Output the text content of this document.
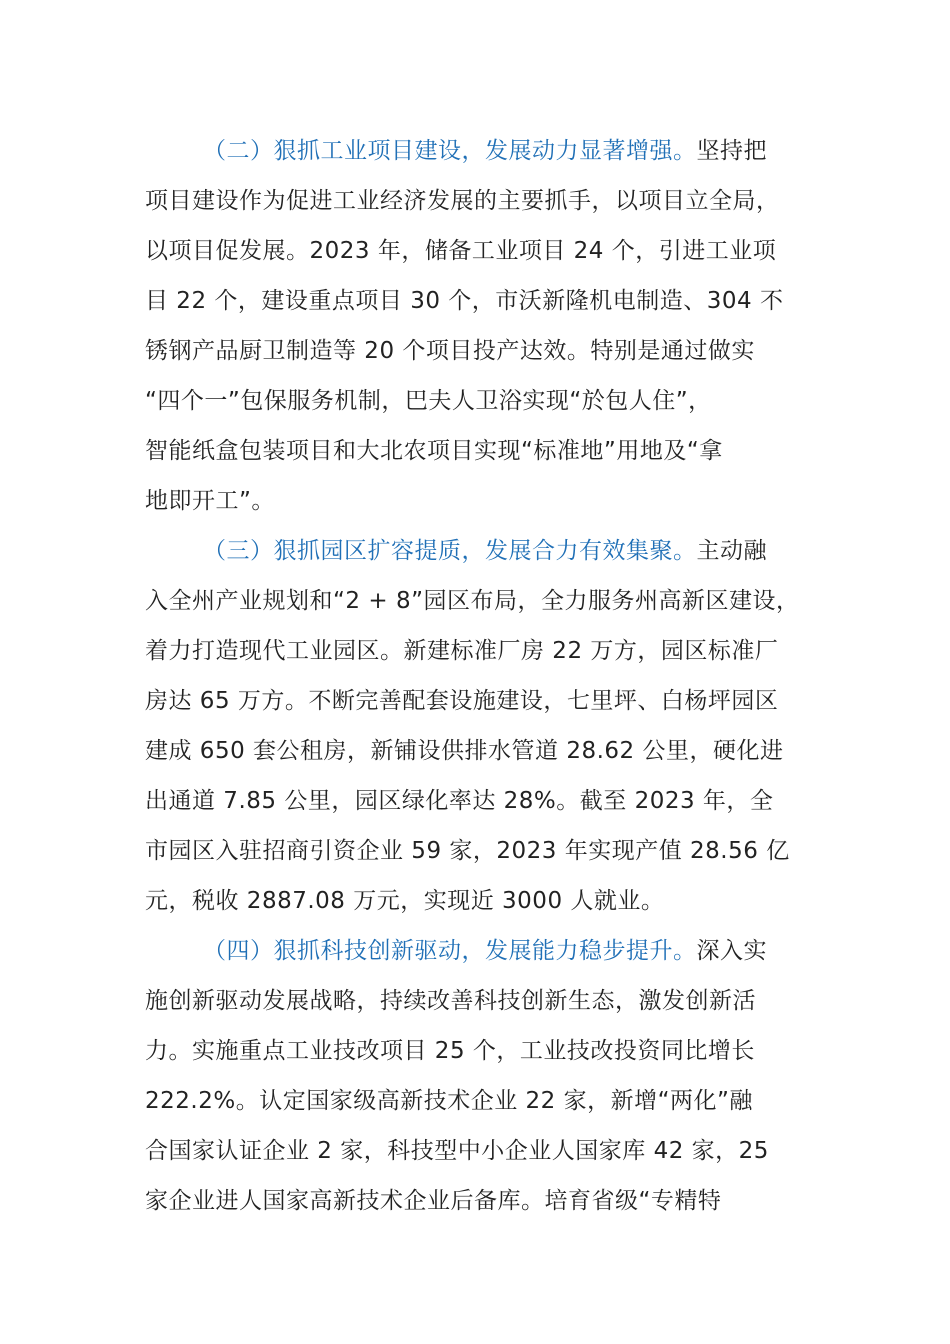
（二）狠抓工业项目建设，发展动力显著增强。坚持把
项目建设作为促进工业经济发展的主要抓手，以项目立全局，
以项目促发展。2023 年，储备工业项目 24 个，引进工业项
目 22 个，建设重点项目 30 个，市沃新隆机电制造、304 不
锈钢产品厨卫制造等 20 个项目投产达效。特别是通过做实
“四个一”包保服务机制，巴夫人卫浴实现“於包人住”，
智能纸盒包装项目和大北农项目实现“标准地”用地及“拿
地即开工”。
（三）狠抓园区扩容提质，发展合力有效集聚。主动融
入全州产业规划和“2 + 8”园区布局，全力服务州高新区建设，
着力打造现代工业园区。新建标准厂房 22 万方，园区标准厂
房达 65 万方。不断完善配套设施建设，七里坪、白杨坪园区
建成 650 套公租房，新铺设供排水管道 28.62 公里，硬化进
出通道 7.85 公里，园区绿化率达 28%。截至 2023 年，全
市园区入驻招商引资企业 59 家，2023 年实现产值 28.56 亿
元，税收 2887.08 万元，实现近 3000 人就业。
（四）狠抓科技创新驱动，发展能力稳步提升。深入实
施创新驱动发展战略，持续改善科技创新生态，激发创新活
力。实施重点工业技改项目 25 个，工业技改投资同比增长
222.2%。认定国家级高新技术企业 22 家，新增“两化”融
合国家认证企业 2 家，科技型中小企业人国家库 42 家，25
家企业进人国家高新技术企业后备库。培育省级“专精特
